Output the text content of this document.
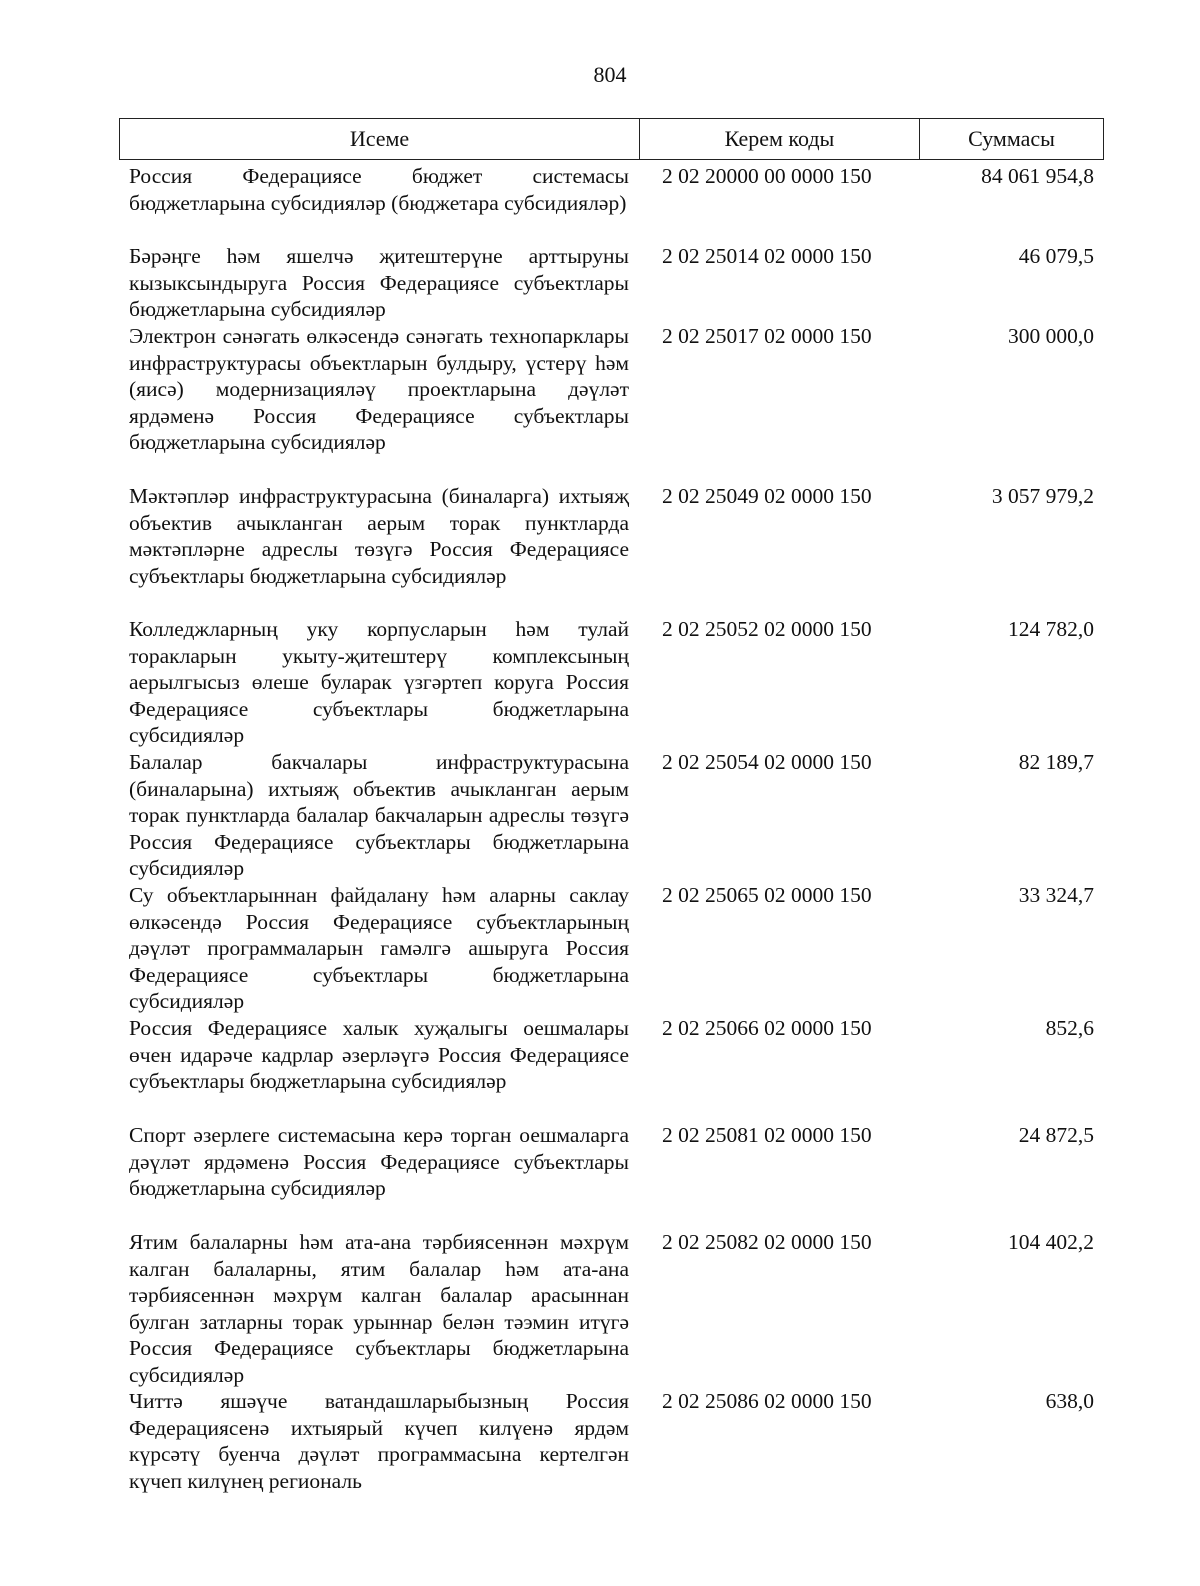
804
Исеме	Керем коды	Суммасы
Россия Федерациясе бюджет системасы бюджетларына субсидияләр (бюджетара субсидияләр)
2 02 20000 00 0000 150	84 061 954,8
Бәрәңге һәм яшелчә җитештерүне арттыруны кызыксындыруга Россия Федерациясе субъектлары бюджетларына субсидияләр
2 02 25014 02 0000 150	46 079,5
Электрон сәнәгать өлкәсендә сәнәгать технопарклары инфраструктурасы объектларын булдыру, үстерү һәм (яисә) модернизацияләү проектларына дәүләт ярдәменә Россия Федерациясе субъектлары бюджетларына субсидияләр
2 02 25017 02 0000 150	300 000,0
Мәктәпләр инфраструктурасына (биналарга) ихтыяҗ объектив ачыкланган аерым торак пунктларда мәктәпләрне адреслы төзүгә Россия Федерациясе субъектлары бюджетларына субсидияләр
2 02 25049 02 0000 150	3 057 979,2
Колледжларның уку корпусларын һәм тулай торакларын укыту-җитештерү комплексының аерылгысыз өлеше буларак үзгәртеп коруга Россия Федерациясе субъектлары бюджетларына субсидияләр
2 02 25052 02 0000 150	124 782,0
Балалар бакчалары инфраструктурасына (биналарына) ихтыяҗ объектив ачыкланган аерым торак пунктларда балалар бакчаларын адреслы төзүгә Россия Федерациясе субъектлары бюджетларына субсидияләр
2 02 25054 02 0000 150	82 189,7
Су объектларыннан файдалану һәм аларны саклау өлкәсендә Россия Федерациясе субъектларының дәүләт программаларын гамәлгә ашыруга Россия Федерациясе субъектлары бюджетларына субсидияләр
2 02 25065 02 0000 150	33 324,7
Россия Федерациясе халык хуҗалыгы оешмалары өчен идарәче кадрлар әзерләүгә Россия Федерациясе субъектлары бюджетларына субсидияләр
2 02 25066 02 0000 150	852,6
Спорт әзерлеге системасына керә торган оешмаларга дәүләт ярдәменә Россия Федерациясе субъектлары бюджетларына субсидияләр
2 02 25081 02 0000 150	24 872,5
Ятим балаларны һәм ата-ана тәрбиясеннән мәхрүм калган балаларны, ятим балалар һәм ата-ана тәрбиясеннән мәхрүм калган балалар арасыннан булган затларны торак урыннар белән тәэмин итүгә Россия Федерациясе субъектлары бюджетларына субсидияләр
2 02 25082 02 0000 150	104 402,2
Читтә яшәүче ватандашларыбызның Россия Федерациясенә ихтыярый күчеп килүенә ярдәм күрсәтү буенча дәүләт программасына кертелгән күчеп килүнең региональ
2 02 25086 02 0000 150	638,0
